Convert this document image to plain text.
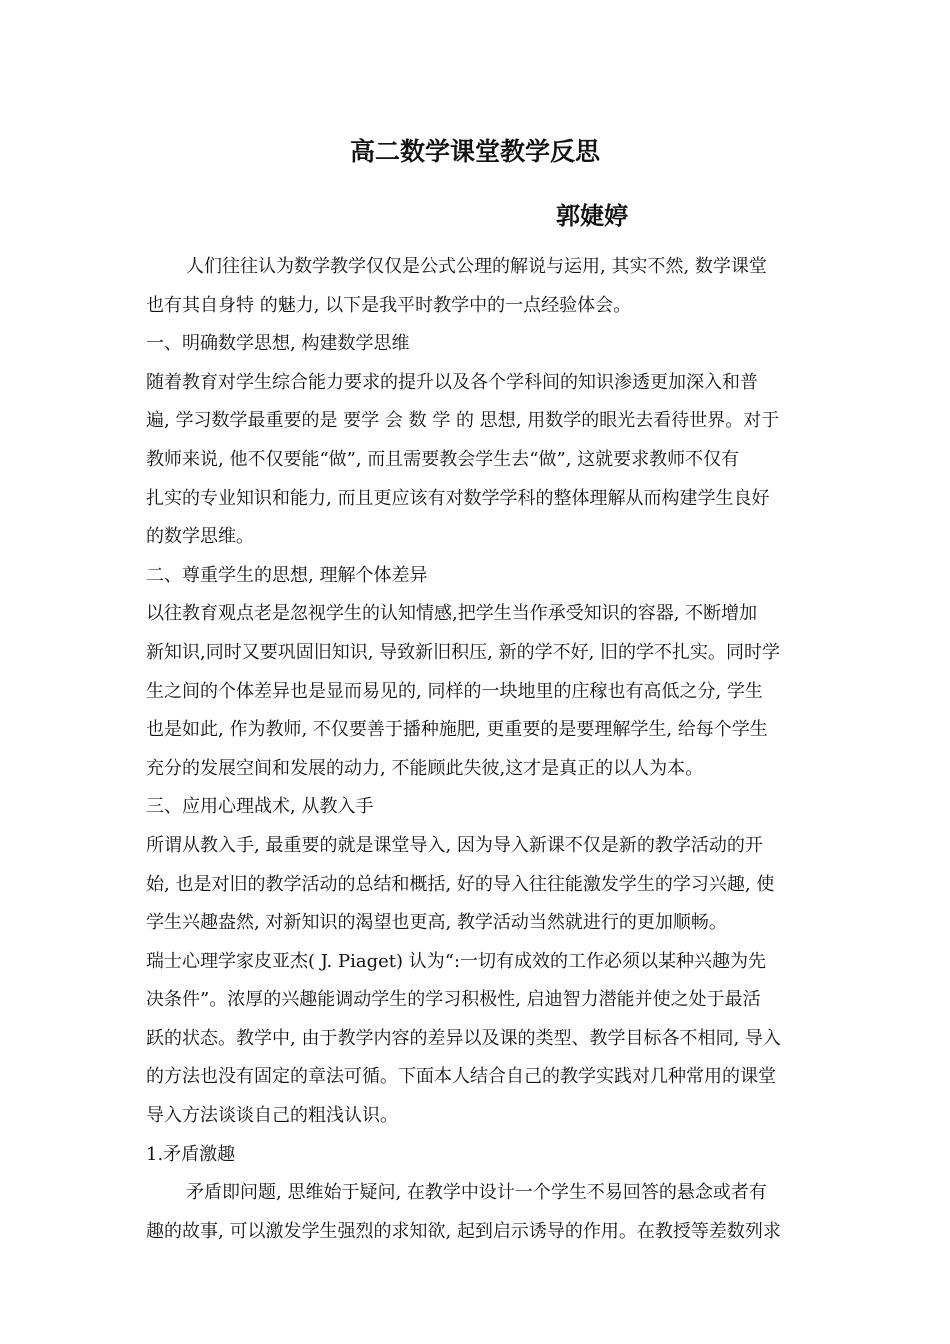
高二数学课堂教学反思
郭婕婷
人们往往认为数学教学仅仅是公式公理的解说与运用, 其实不然, 数学课堂
也有其自身特 的魅力, 以下是我平时教学中的一点经验体会。
一、明确数学思想, 构建数学思维
随着教育对学生综合能力要求的提升以及各个学科间的知识渗透更加深入和普
遍, 学习数学最重要的是 要学 会 数 学 的 思想, 用数学的眼光去看待世界。对于
教师来说, 他不仅要能“做”, 而且需要教会学生去“做”, 这就要求教师不仅有
扎实的专业知识和能力, 而且更应该有对数学学科的整体理解从而构建学生良好
的数学思维。
二、尊重学生的思想, 理解个体差异
以往教育观点老是忽视学生的认知情感,把学生当作承受知识的容器, 不断增加
新知识,同时又要巩固旧知识, 导致新旧积压, 新的学不好, 旧的学不扎实。同时学
生之间的个体差异也是显而易见的, 同样的一块地里的庄稼也有高低之分, 学生
也是如此, 作为教师, 不仅要善于播种施肥, 更重要的是要理解学生, 给每个学生
充分的发展空间和发展的动力, 不能顾此失彼,这才是真正的以人为本。
三、应用心理战术, 从教入手
所谓从教入手, 最重要的就是课堂导入, 因为导入新课不仅是新的教学活动的开
始, 也是对旧的教学活动的总结和概括, 好的导入往往能激发学生的学习兴趣, 使
学生兴趣盎然, 对新知识的渴望也更高, 教学活动当然就进行的更加顺畅。
瑞士心理学家皮亚杰( J. Piaget) 认为“:一切有成效的工作必须以某种兴趣为先
决条件”。浓厚的兴趣能调动学生的学习积极性, 启迪智力潜能并使之处于最活
跃的状态。教学中, 由于教学内容的差异以及课的类型、教学目标各不相同, 导入
的方法也没有固定的章法可循。下面本人结合自己的教学实践对几种常用的课堂
导入方法谈谈自己的粗浅认识。
1.矛盾激趣
矛盾即问题, 思维始于疑问, 在教学中设计一个学生不易回答的悬念或者有
趣的故事, 可以激发学生强烈的求知欲, 起到启示诱导的作用。在教授等差数列求
